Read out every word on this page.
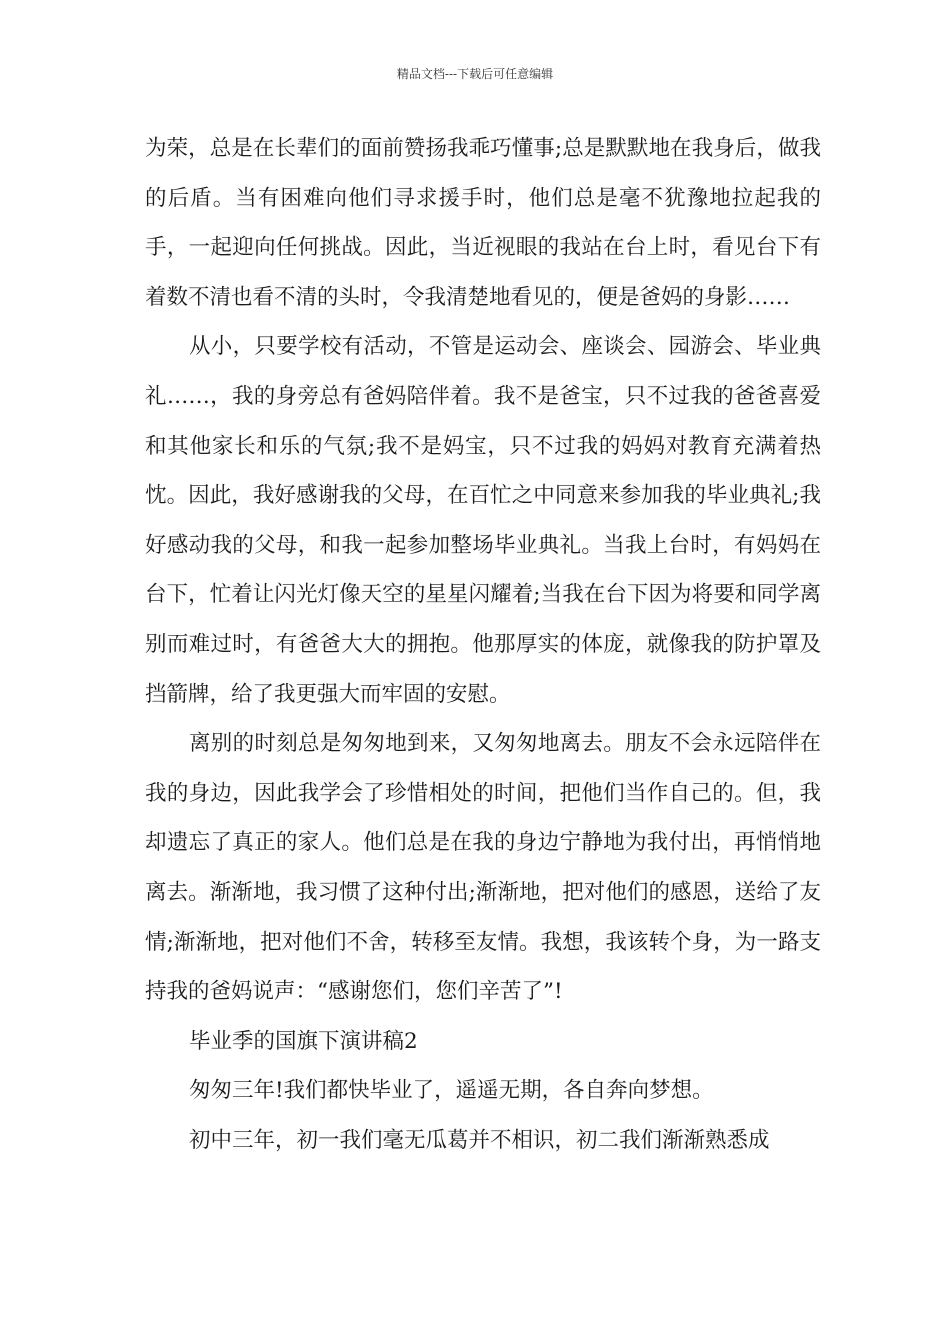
精品文档---下载后可任意编辑

为荣，总是在长辈们的面前赞扬我乖巧懂事;总是默默地在我身后，做我的后盾。当有困难向他们寻求援手时，他们总是毫不犹豫地拉起我的手，一起迎向任何挑战。因此，当近视眼的我站在台上时，看见台下有着数不清也看不清的头时，令我清楚地看见的，便是爸妈的身影……

从小，只要学校有活动，不管是运动会、座谈会、园游会、毕业典礼……，我的身旁总有爸妈陪伴着。我不是爸宝，只不过我的爸爸喜爱和其他家长和乐的气氛;我不是妈宝，只不过我的妈妈对教育充满着热忱。因此，我好感谢我的父母，在百忙之中同意来参加我的毕业典礼;我好感动我的父母，和我一起参加整场毕业典礼。当我上台时，有妈妈在台下，忙着让闪光灯像天空的星星闪耀着;当我在台下因为将要和同学离别而难过时，有爸爸大大的拥抱。他那厚实的体庞，就像我的防护罩及挡箭牌，给了我更强大而牢固的安慰。

离别的时刻总是匆匆地到来，又匆匆地离去。朋友不会永远陪伴在我的身边，因此我学会了珍惜相处的时间，把他们当作自己的。但，我却遗忘了真正的家人。他们总是在我的身边宁静地为我付出，再悄悄地离去。渐渐地，我习惯了这种付出;渐渐地，把对他们的感恩，送给了友情;渐渐地，把对他们不舍，转移至友情。我想，我该转个身，为一路支持我的爸妈说声：“感谢您们，您们辛苦了”!

毕业季的国旗下演讲稿2

匆匆三年!我们都快毕业了，遥遥无期，各自奔向梦想。

初中三年，初一我们毫无瓜葛并不相识，初二我们渐渐熟悉成
